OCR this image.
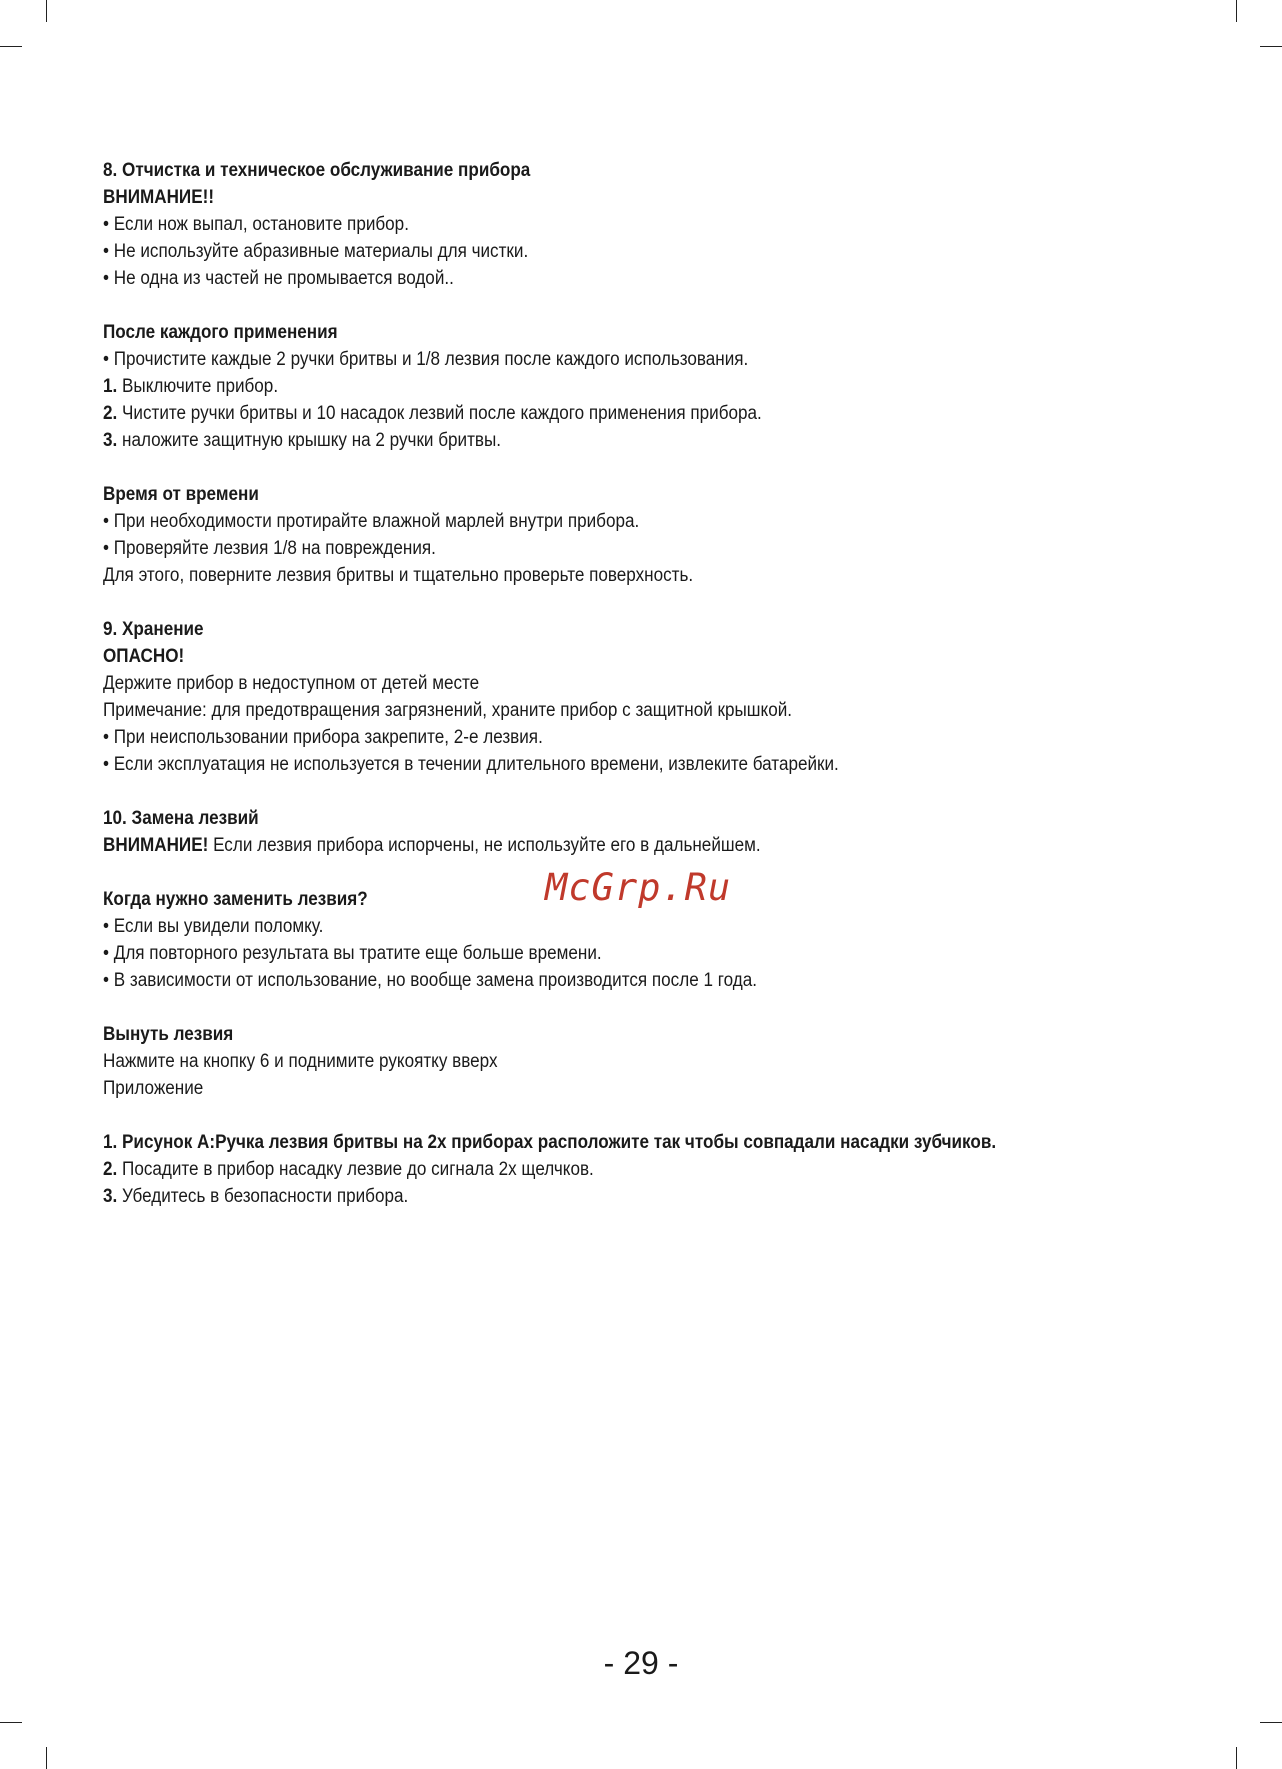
8. Отчистка и техническое обслуживание прибора

ВНИМАНИЕ!!

• Если нож выпал, остановите прибор.

• Не используйте абразивные материалы для чистки.

• Не одна из частей не промывается водой..

После каждого применения

• Прочистите каждые 2 ручки бритвы и 1/8 лезвия после каждого использования.

1. Выключите прибор.

2. Чистите ручки бритвы и 10 насадок лезвий после каждого применения прибора.

3. наложите защитную крышку на 2 ручки бритвы.

Время от времени

• При необходимости протирайте влажной марлей внутри прибора.

• Проверяйте лезвия 1/8 на повреждения.

Для этого, поверните лезвия бритвы и тщательно проверьте поверхность.

9. Хранение

ОПАСНО!

Держите прибор в недоступном от детей месте

Примечание: для предотвращения загрязнений, храните прибор с защитной крышкой.

• При неиспользовании прибора закрепите, 2-е лезвия.

• Если эксплуатация не используется в течении длительного времени, извлеките батарейки.

10. Замена лезвий

ВНИМАНИЕ! Если лезвия прибора испорчены, не используйте его в дальнейшем.

Когда нужно заменить лезвия?

• Если вы увидели поломку.

• Для повторного результата вы тратите еще больше времени.

• В зависимости от использование, но вообще замена производится после 1 года.

Вынуть лезвия

Нажмите на кнопку 6 и поднимите рукоятку вверх

Приложение

1. Рисунок А:Ручка лезвия бритвы на 2х приборах расположите так чтобы совпадали насадки зубчиков.

2. Посадите в прибор насадку лезвие до сигнала 2х щелчков.

3. Убедитесь в безопасности прибора.

McGrp.Ru
- 29 -
